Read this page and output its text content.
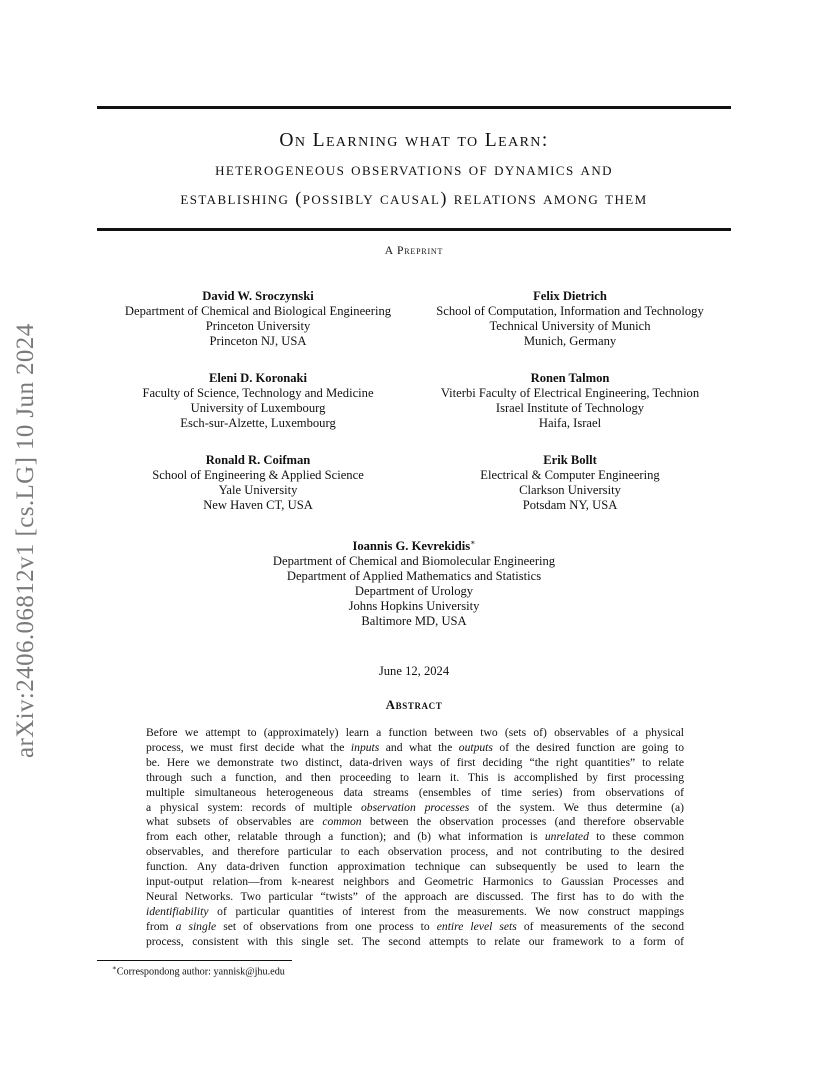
arXiv:2406.06812v1 [cs.LG] 10 Jun 2024
On Learning what to Learn:
heterogeneous observations of dynamics and
establishing (possibly causal) relations among them
A Preprint
David W. Sroczynski
Department of Chemical and Biological Engineering
Princeton University
Princeton NJ, USA
Felix Dietrich
School of Computation, Information and Technology
Technical University of Munich
Munich, Germany
Eleni D. Koronaki
Faculty of Science, Technology and Medicine
University of Luxembourg
Esch-sur-Alzette, Luxembourg
Ronen Talmon
Viterbi Faculty of Electrical Engineering, Technion
Israel Institute of Technology
Haifa, Israel
Ronald R. Coifman
School of Engineering & Applied Science
Yale University
New Haven CT, USA
Erik Bollt
Electrical & Computer Engineering
Clarkson University
Potsdam NY, USA
Ioannis G. Kevrekidis∗
Department of Chemical and Biomolecular Engineering
Department of Applied Mathematics and Statistics
Department of Urology
Johns Hopkins University
Baltimore MD, USA
June 12, 2024
Abstract
Before we attempt to (approximately) learn a function between two (sets of) observables of a physical
process, we must first decide what the inputs and what the outputs of the desired function are going to
be. Here we demonstrate two distinct, data-driven ways of first deciding “the right quantities” to relate
through such a function, and then proceeding to learn it. This is accomplished by first processing
multiple simultaneous heterogeneous data streams (ensembles of time series) from observations of
a physical system: records of multiple observation processes of the system. We thus determine (a)
what subsets of observables are common between the observation processes (and therefore observable
from each other, relatable through a function); and (b) what information is unrelated to these common
observables, and therefore particular to each observation process, and not contributing to the desired
function. Any data-driven function approximation technique can subsequently be used to learn the
input-output relation—from k-nearest neighbors and Geometric Harmonics to Gaussian Processes and
Neural Networks. Two particular “twists” of the approach are discussed. The first has to do with the
identifiability of particular quantities of interest from the measurements. We now construct mappings
from a single set of observations from one process to entire level sets of measurements of the second
process, consistent with this single set. The second attempts to relate our framework to a form of
∗Correspondong author: yannisk@jhu.edu
